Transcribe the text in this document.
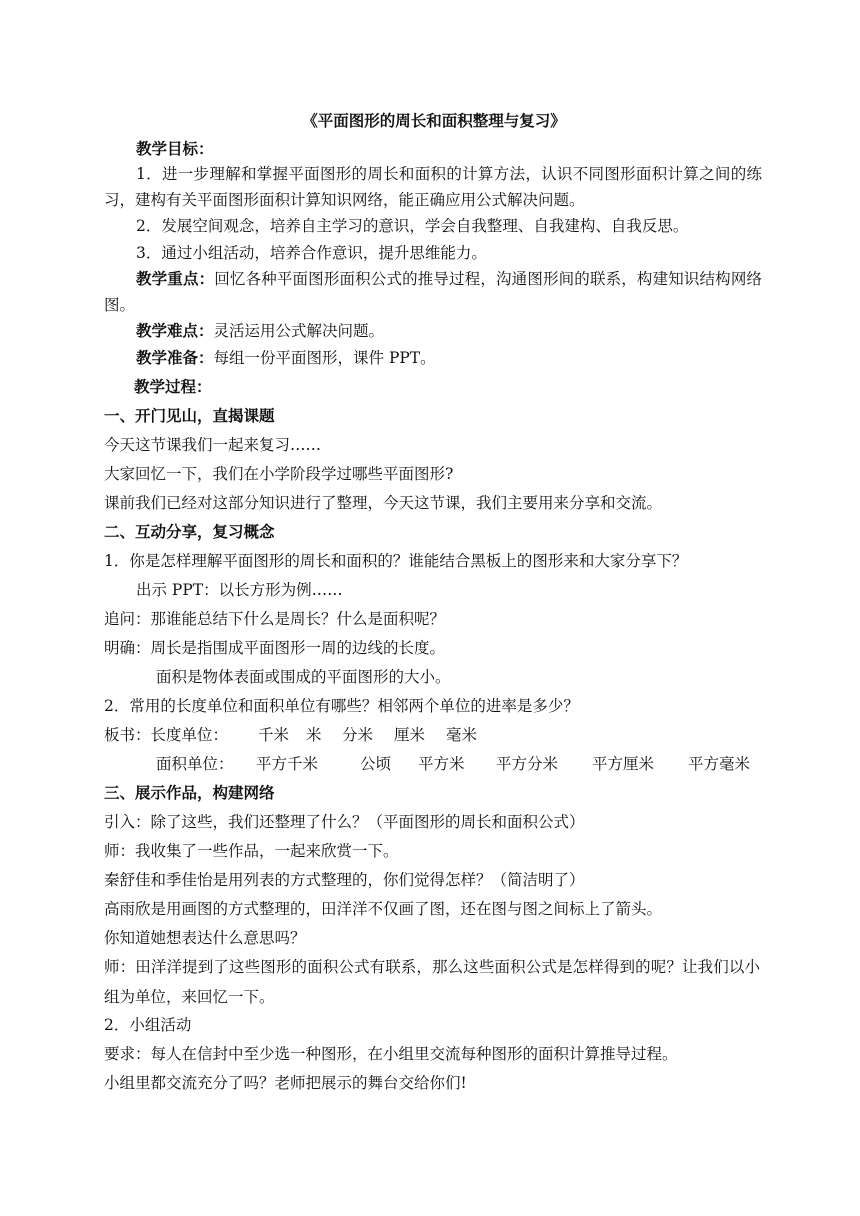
《平面图形的周长和面积整理与复习》
教学目标：
1．进一步理解和掌握平面图形的周长和面积的计算方法，认识不同图形面积计算之间的练习，建构有关平面图形面积计算知识网络，能正确应用公式解决问题。
2．发展空间观念，培养自主学习的意识，学会自我整理、自我建构、自我反思。
3．通过小组活动，培养合作意识，提升思维能力。
教学重点：回忆各种平面图形面积公式的推导过程，沟通图形间的联系，构建知识结构网络图。
教学难点：灵活运用公式解决问题。
教学准备：每组一份平面图形，课件 PPT。
教学过程：
一、开门见山，直揭课题
今天这节课我们一起来复习……
大家回忆一下，我们在小学阶段学过哪些平面图形?
课前我们已经对这部分知识进行了整理，今天这节课，我们主要用来分享和交流。
二、互动分享，复习概念
1．你是怎样理解平面图形的周长和面积的？谁能结合黑板上的图形来和大家分享下？
出示 PPT：以长方形为例……
追问：那谁能总结下什么是周长？什么是面积呢？
明确：周长是指围成平面图形一周的边线的长度。
面积是物体表面或围成的平面图形的大小。
2．常用的长度单位和面积单位有哪些？相邻两个单位的进率是多少？
板书：长度单位： 千米 米 分米 厘米 毫米
面积单位： 平方千米	公顷 平方米 平方分米 平方厘米 平方毫米
三、展示作品，构建网络
引入：除了这些，我们还整理了什么？（平面图形的周长和面积公式）
师：我收集了一些作品，一起来欣赏一下。
秦舒佳和季佳怡是用列表的方式整理的，你们觉得怎样？（简洁明了）
高雨欣是用画图的方式整理的，田洋洋不仅画了图，还在图与图之间标上了箭头。
你知道她想表达什么意思吗？
师：田洋洋提到了这些图形的面积公式有联系，那么这些面积公式是怎样得到的呢？让我们以小组为单位，来回忆一下。
2．小组活动
要求：每人在信封中至少选一种图形，在小组里交流每种图形的面积计算推导过程。
小组里都交流充分了吗？老师把展示的舞台交给你们!
